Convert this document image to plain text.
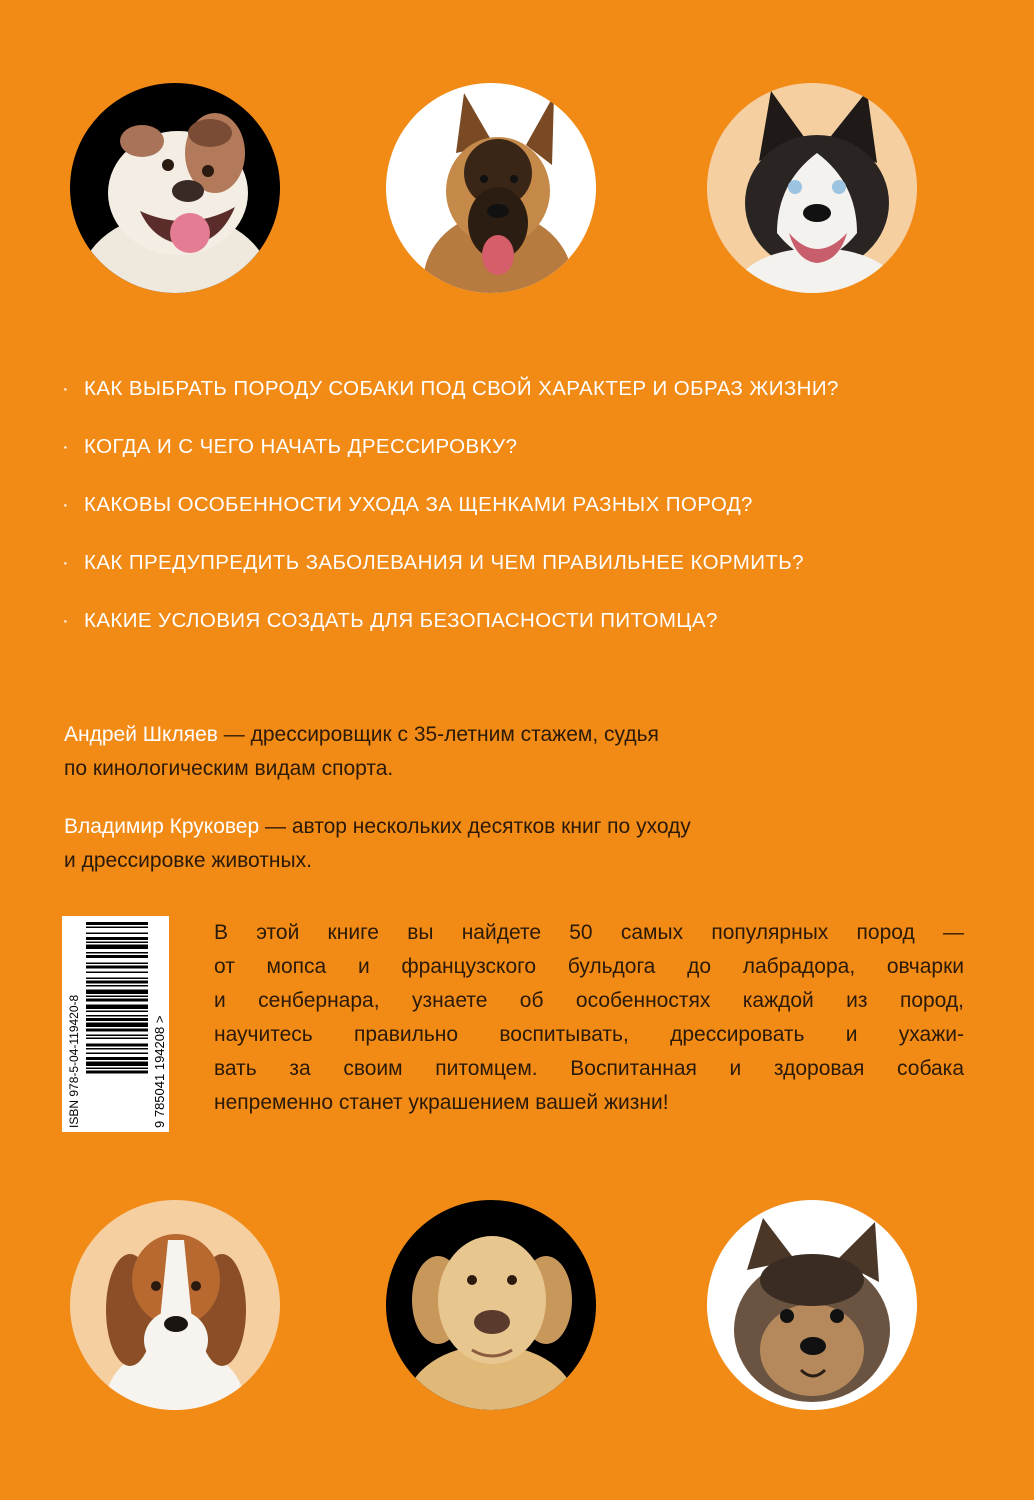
· КАК ВЫБРАТЬ ПОРОДУ СОБАКИ ПОД СВОЙ ХАРАКТЕР И ОБРАЗ ЖИЗНИ?
· КОГДА И С ЧЕГО НАЧАТЬ ДРЕССИРОВКУ?
· КАКОВЫ ОСОБЕННОСТИ УХОДА ЗА ЩЕНКАМИ РАЗНЫХ ПОРОД?
· КАК ПРЕДУПРЕДИТЬ ЗАБОЛЕВАНИЯ И ЧЕМ ПРАВИЛЬНЕЕ КОРМИТЬ?
· КАКИЕ УСЛОВИЯ СОЗДАТЬ ДЛЯ БЕЗОПАСНОСТИ ПИТОМЦА?
Андрей Шкляев — дрессировщик с 35-летним стажем, судья
по кинологическим видам спорта.
Владимир Круковер — автор нескольких десятков книг по уходу
и дрессировке животных.
ISBN 978-5-04-119420-8	9 785041 194208 >
В этой книге вы найдете 50 самых популярных пород —
от мопса и французского бульдога до лабрадора, овчарки
и сенбернара, узнаете об особенностях каждой из пород,
научитесь правильно воспитывать, дрессировать и ухажи-
вать за своим питомцем. Воспитанная и здоровая собака
непременно станет украшением вашей жизни!
